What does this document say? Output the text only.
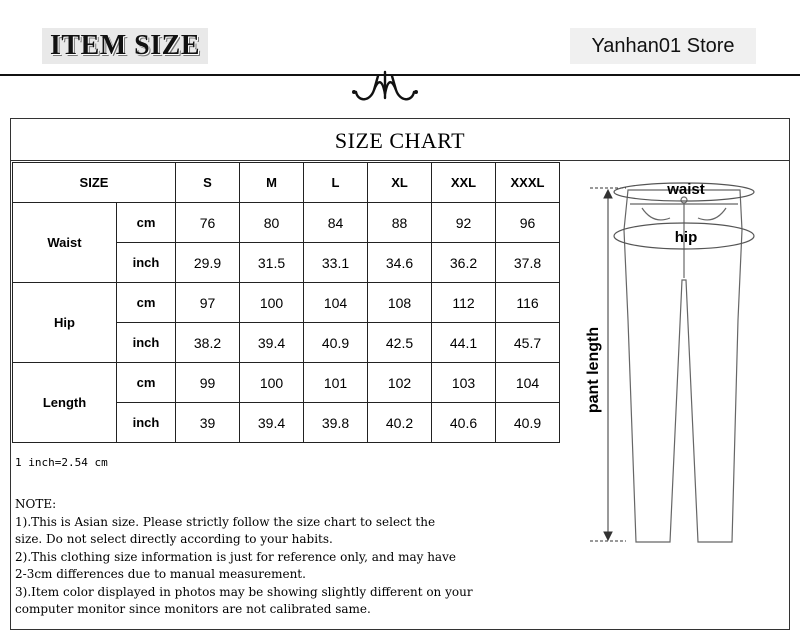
ITEM SIZE	Yanhan01 Store
SIZE CHART
SIZE		S	M	L	XL	XXL	XXXL
Waist	cm	76	80	84	88	92	96
	inch	29.9	31.5	33.1	34.6	36.2	37.8
Hip	cm	97	100	104	108	112	116
	inch	38.2	39.4	40.9	42.5	44.1	45.7
Length	cm	99	100	101	102	103	104
	inch	39	39.4	39.8	40.2	40.6	40.9
1 inch=2.54 cm
NOTE:
1).This is Asian size. Please strictly follow the size chart to select the
size. Do not select directly according to your habits.
2).This clothing size information is just for reference only, and may have
2-3cm differences due to manual measurement.
3).Item color displayed in photos may be showing slightly different on your
computer monitor since monitors are not calibrated same.
pant length
waist
hip
